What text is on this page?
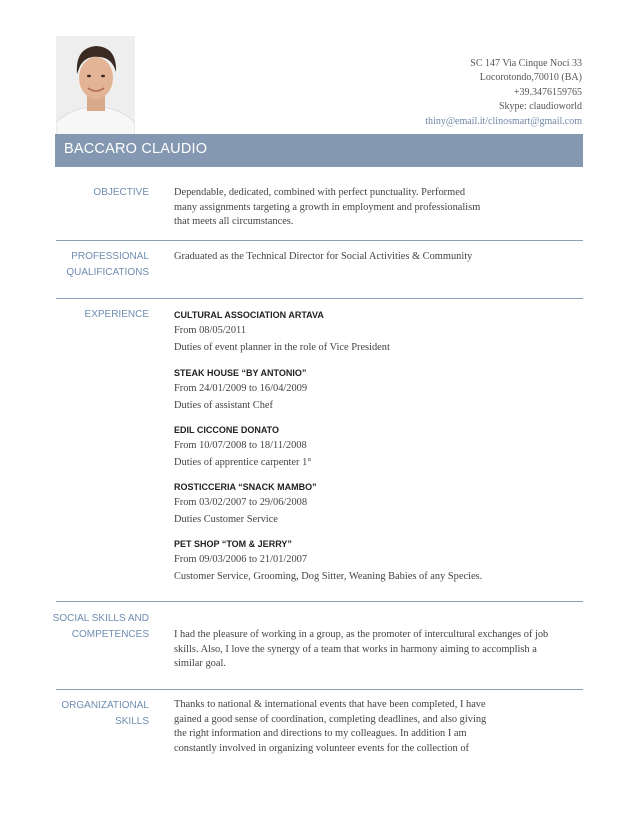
SC 147 Via Cinque Noci 33
Locorotondo,70010 (BA)
+39.3476159765
Skype: claudioworld
thiny@email.it/clinosmart@gmail.com
BACCARO CLAUDIO
OBJECTIVE Dependable, dedicated, combined with perfect punctuality. Performed
many assignments targeting a growth in employment and professionalism
that meets all circumstances.
PROFESSIONAL
QUALIFICATIONS
Graduated as the Technical Director for Social Activities & Community
EXPERIENCE	CULTURAL ASSOCIATION ARTAVA
From 08/05/2011
Duties of event planner in the role of Vice President
STEAK HOUSE “BY ANTONIO”
From 24/01/2009 to 16/04/2009
Duties of assistant Chef
EDIL CICCONE DONATO
From 10/07/2008 to 18/11/2008
Duties of apprentice carpenter 1°
ROSTICCERIA “SNACK MAMBO”
From 03/02/2007 to 29/06/2008
Duties Customer Service
PET SHOP “TOM & JERRY”
From 09/03/2006 to 21/01/2007
Customer Service, Grooming, Dog Sitter, Weaning Babies of any Species.
SOCIAL SKILLS AND
COMPETENCES I had the pleasure of working in a group, as the promoter of intercultural exchanges of job
skills. Also, I love the synergy of a team that works in harmony aiming to accomplish a
similar goal.
ORGANIZATIONAL
SKILLS
Thanks to national & international events that have been completed, I have
gained a good sense of coordination, completing deadlines, and also giving
the right information and directions to my colleagues. In addition I am
constantly involved in organizing volunteer events for the collection of
